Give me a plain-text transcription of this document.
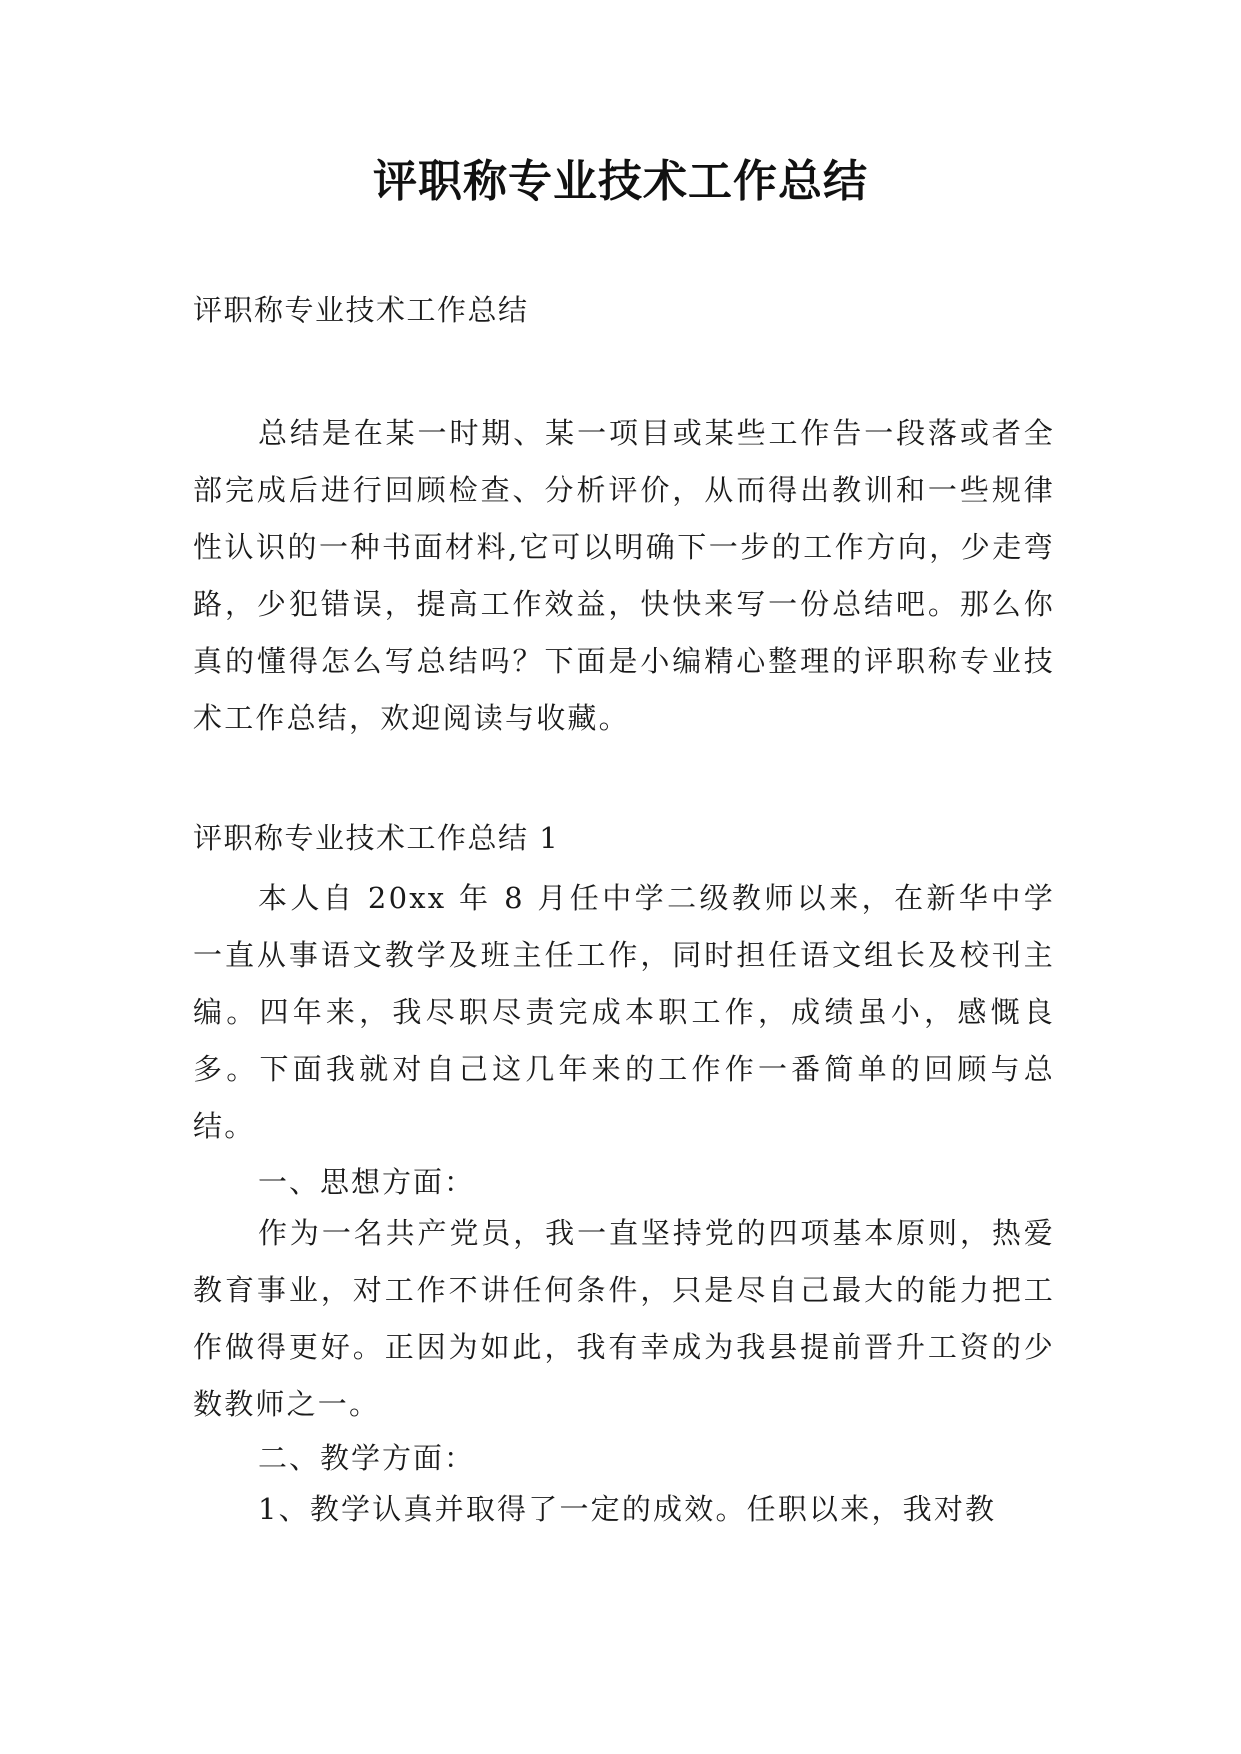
评职称专业技术工作总结
评职称专业技术工作总结

总结是在某一时期、某一项目或某些工作告一段落或者全部完成后进行回顾检查、分析评价，从而得出教训和一些规律性认识的一种书面材料,它可以明确下一步的工作方向，少走弯路，少犯错误，提高工作效益，快快来写一份总结吧。那么你真的懂得怎么写总结吗？下面是小编精心整理的评职称专业技术工作总结，欢迎阅读与收藏。

评职称专业技术工作总结 1

本人自 20xx 年 8 月任中学二级教师以来，在新华中学一直从事语文教学及班主任工作，同时担任语文组长及校刊主编。四年来，我尽职尽责完成本职工作，成绩虽小，感慨良多。下面我就对自己这几年来的工作作一番简单的回顾与总结。

一、思想方面：

作为一名共产党员，我一直坚持党的四项基本原则，热爱教育事业，对工作不讲任何条件，只是尽自己最大的能力把工作做得更好。正因为如此，我有幸成为我县提前晋升工资的少数教师之一。

二、教学方面：

1、教学认真并取得了一定的成效。任职以来，我对教
